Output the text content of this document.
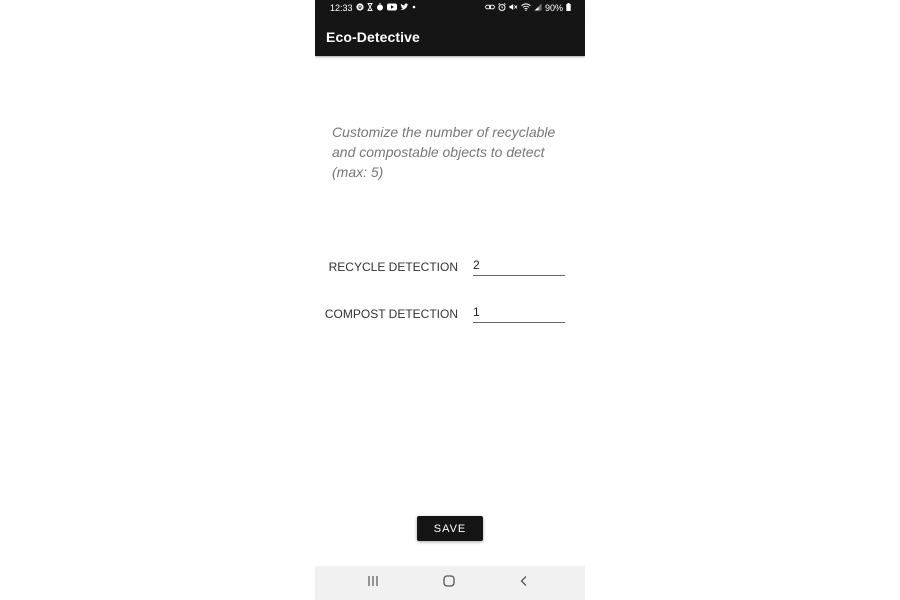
12:33	90%
Eco-Detective
Customize the number of recyclable and compostable objects to detect (max: 5)
RECYCLE DETECTION
2
COMPOST DETECTION
1
SAVE
